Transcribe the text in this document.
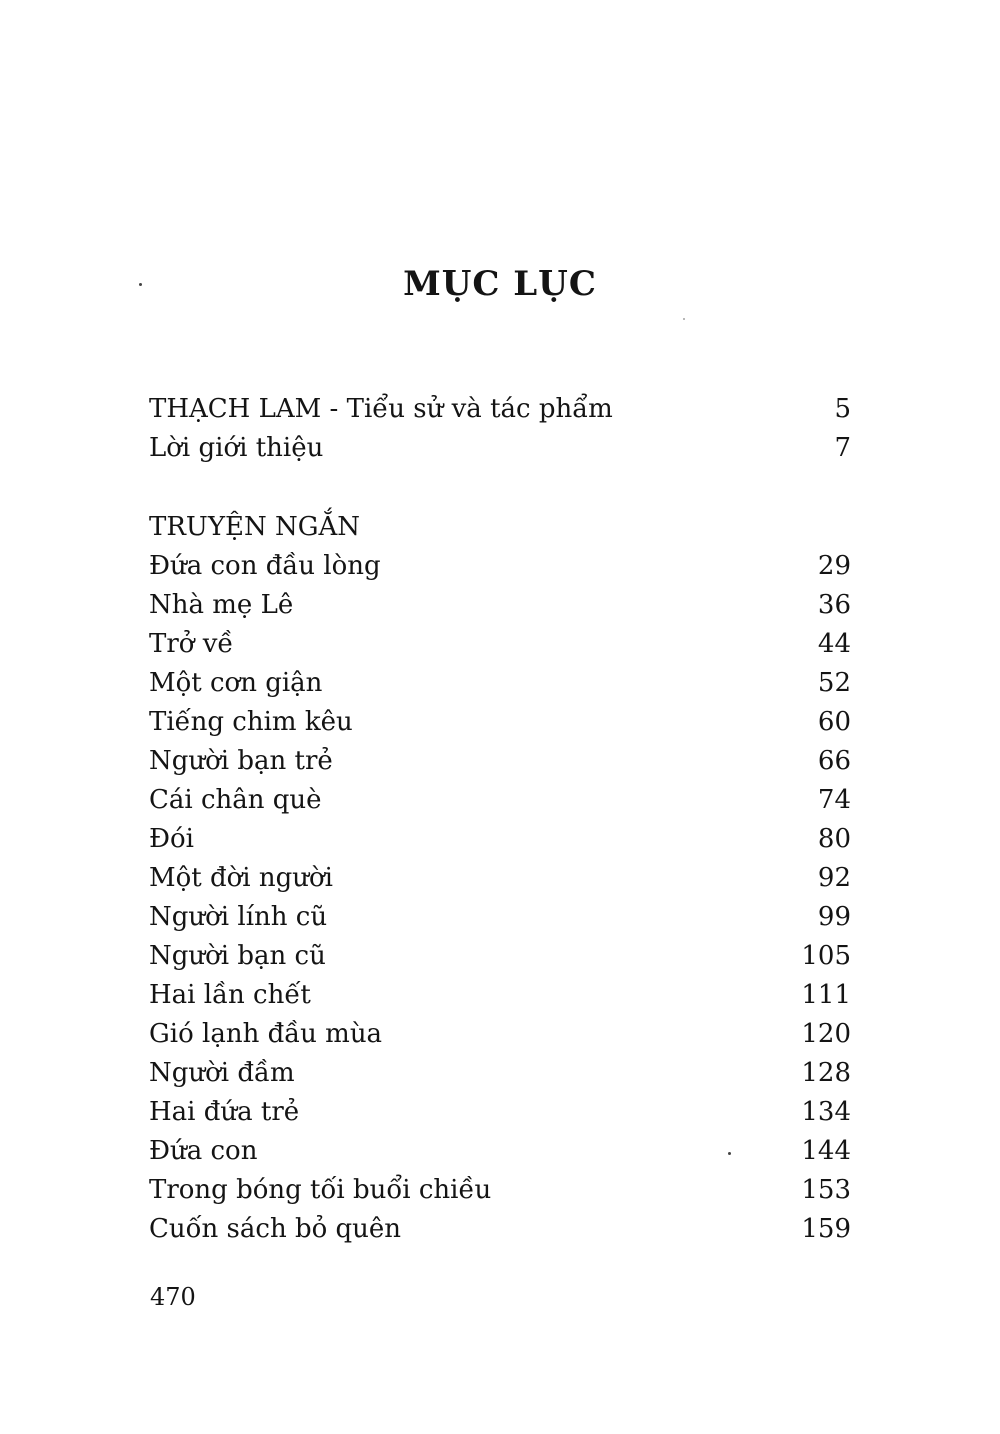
MỤC LỤC
THẠCH LAM - Tiểu sử và tác phẩm	5
Lời giới thiệu	7
TRUYỆN NGẮN
Đứa con đầu lòng	29
Nhà mẹ Lê	36
Trở về	44
Một cơn giận	52
Tiếng chim kêu	60
Người bạn trẻ	66
Cái chân què	74
Đói	80
Một đời người	92
Người lính cũ	99
Người bạn cũ	105
Hai lần chết	111
Gió lạnh đầu mùa	120
Người đầm	128
Hai đứa trẻ	134
Đứa con	144
Trong bóng tối buổi chiều	153
Cuốn sách bỏ quên	159
470
